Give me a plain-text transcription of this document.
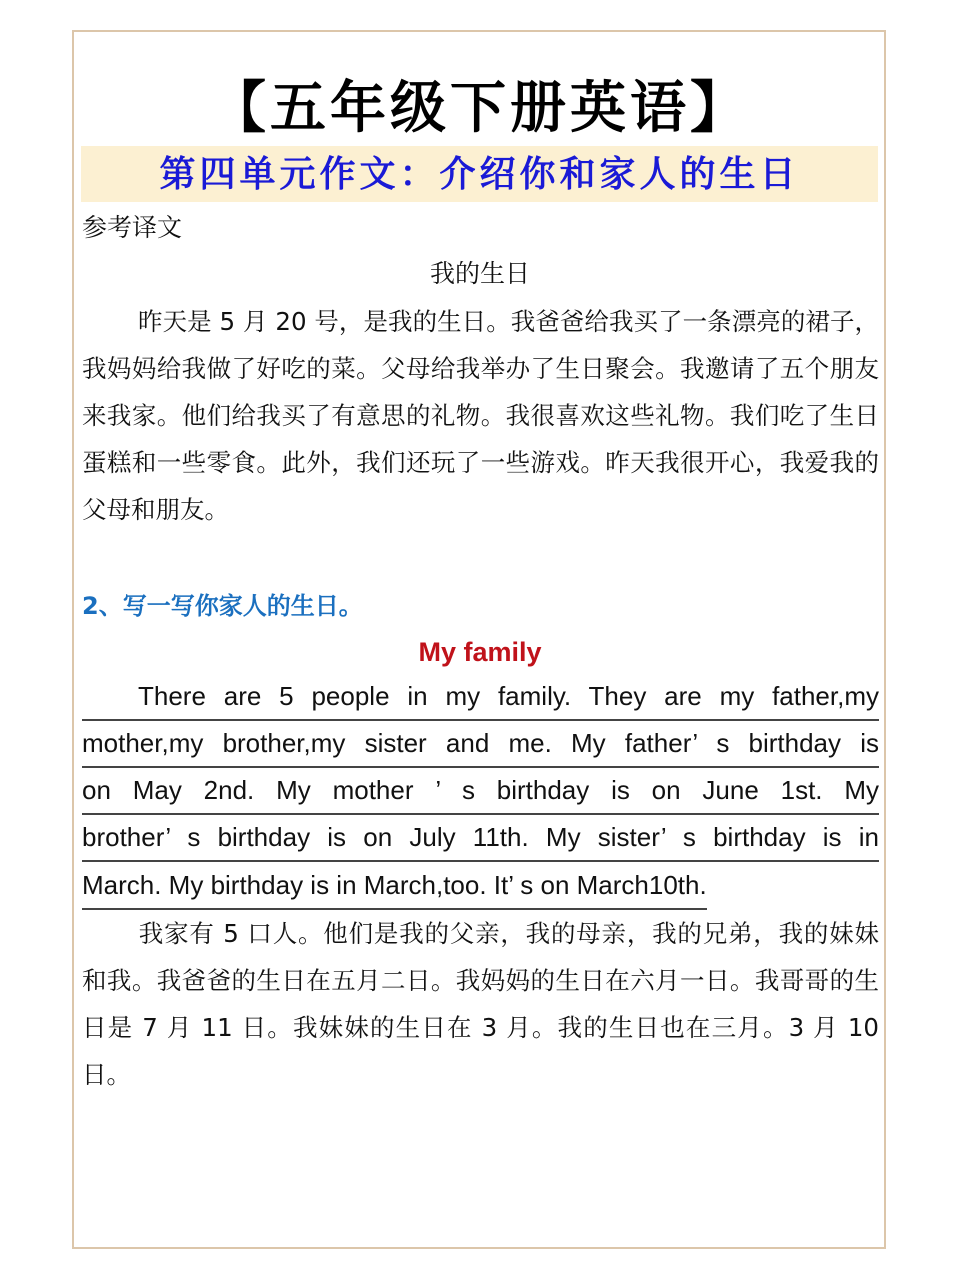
【五年级下册英语】
第四单元作文：介绍你和家人的生日
参考译文
我的生日
昨天是 5 月 20 号，是我的生日。我爸爸给我买了一条漂亮的裙子，我妈妈给我做了好吃的菜。父母给我举办了生日聚会。我邀请了五个朋友来我家。他们给我买了有意思的礼物。我很喜欢这些礼物。我们吃了生日蛋糕和一些零食。此外，我们还玩了一些游戏。昨天我很开心，我爱我的父母和朋友。
2、写一写你家人的生日。
My family
There are 5 people in my family. They are my father,my
mother,my brother,my sister and me. My father’ s birthday is
on May 2nd. My mother ’ s birthday is on June 1st. My
brother’ s birthday is on July 11th. My sister’ s birthday is in
March. My birthday is in March,too. It’ s on March10th.
我家有 5 口人。他们是我的父亲，我的母亲，我的兄弟，我的妹妹和我。我爸爸的生日在五月二日。我妈妈的生日在六月一日。我哥哥的生日是 7 月 11 日。我妹妹的生日在 3 月。我的生日也在三月。3 月 10 日。
